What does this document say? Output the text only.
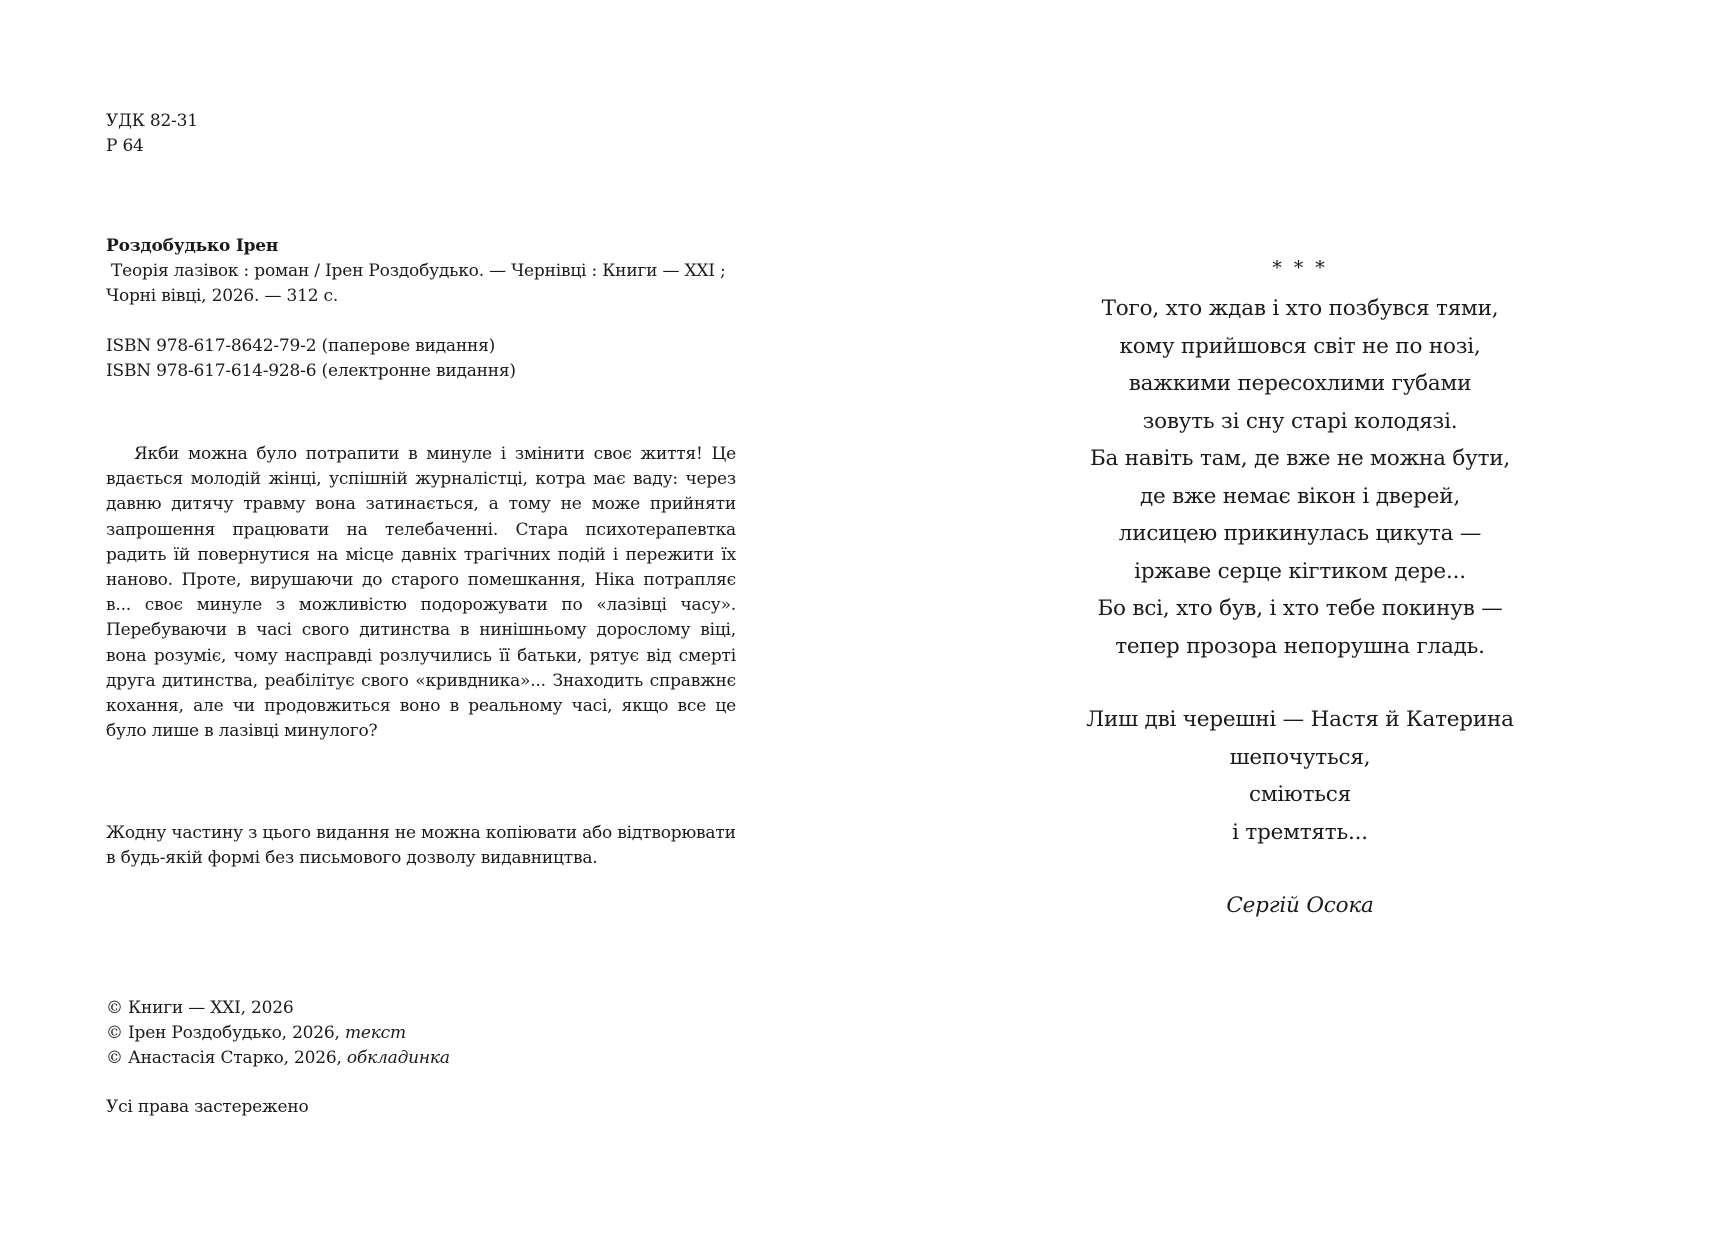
УДК 82-31
Р 64
Роздобудько Ірен
Теорія лазівок : роман / Ірен Роздобудько. — Чернівці : Книги — XXI ;
Чорні вівці, 2026. — 312 с.
ISBN 978-617-8642-79-2 (паперове видання)
ISBN 978-617-614-928-6 (електронне видання)

Якби можна було потрапити в минуле і змінити своє життя! Це вдається молодій жінці, успішній журналістці, котра має ваду: через давню дитячу травму вона затинається, а тому не може прийняти запрошення працювати на телебаченні. Стара психотерапевтка радить їй повернутися на місце давніх трагічних подій і пережити їх наново. Проте, вирушаючи до старого помешкання, Ніка потрапляє в... своє минуле з можливістю подорожувати по «лазівці часу». Перебуваючи в часі свого дитинства в нинішньому дорослому віці, вона розуміє, чому насправді розлучились її батьки, рятує від смерті друга дитинства, реабілітує свого «кривдника»... Знаходить справжнє кохання, але чи продовжиться воно в реальному часі, якщо все це було лише в лазівці минулого?

Жодну частину з цього видання не можна копіювати або відтворювати
в будь-якій формі без письмового дозволу видавництва.
© Книги — XXI, 2026
© Ірен Роздобудько, 2026, текст
© Анастасія Старко, 2026, обкладинка
Усі права застережено
* * *
Того, хто ждав і хто позбувся тями,
кому прийшовся світ не по нозі,
важкими пересохлими губами
зовуть зі сну старі колодязі.
Ба навіть там, де вже не можна бути,
де вже немає вікон і дверей,
лисицею прикинулась цикута —
іржаве серце кігтиком дере...
Бо всі, хто був, і хто тебе покинув —
тепер прозора непорушна гладь.
Лиш дві черешні — Настя й Катерина
шепочуться,
сміються
і тремтять...
Сергій Осока
